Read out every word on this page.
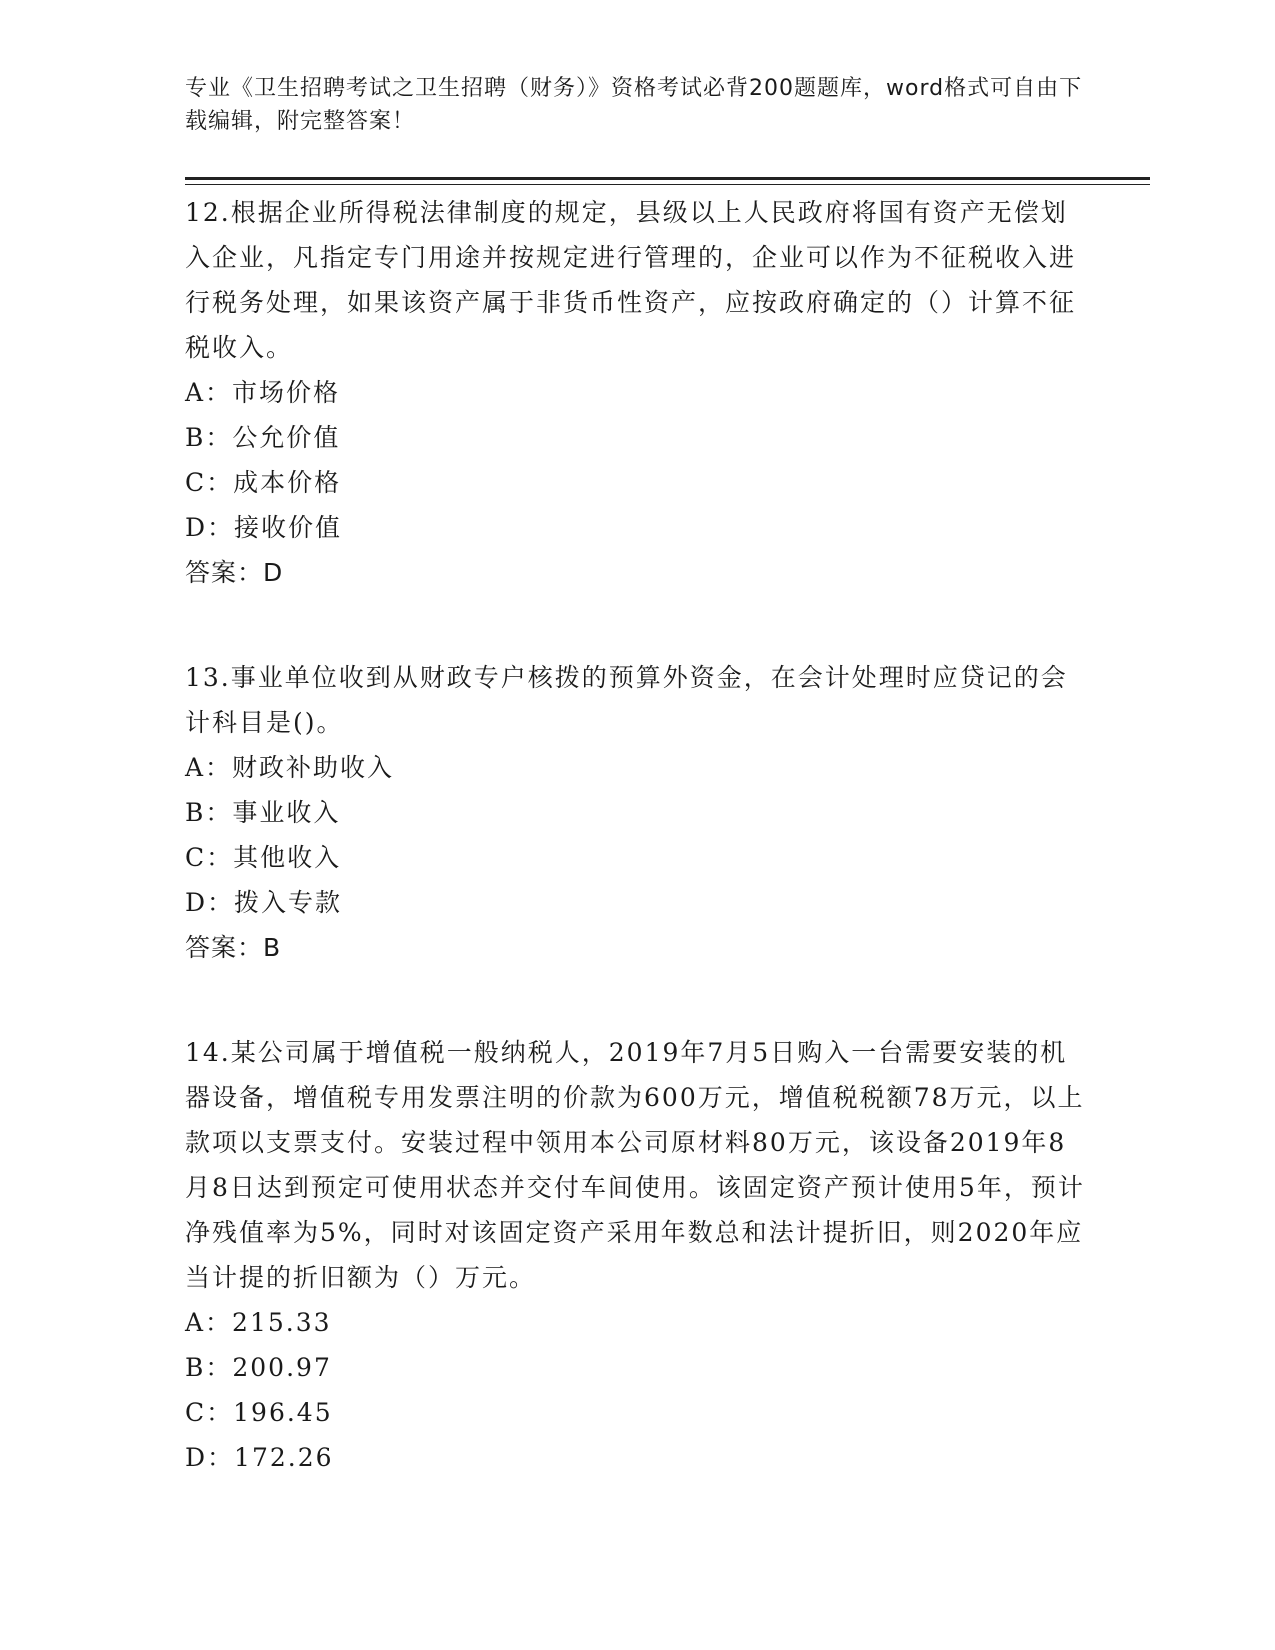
专业《卫生招聘考试之卫生招聘（财务）》资格考试必背200题题库，word格式可自由下载编辑，附完整答案！

12.根据企业所得税法律制度的规定，县级以上人民政府将国有资产无偿划入企业，凡指定专门用途并按规定进行管理的，企业可以作为不征税收入进行税务处理，如果该资产属于非货币性资产，应按政府确定的（）计算不征税收入。

A：市场价格
B：公允价值
C：成本价格
D：接收价值
答案：D

13.事业单位收到从财政专户核拨的预算外资金，在会计处理时应贷记的会计科目是()。

A：财政补助收入
B：事业收入
C：其他收入
D：拨入专款
答案：B

14.某公司属于增值税一般纳税人，2019年7月5日购入一台需要安装的机器设备，增值税专用发票注明的价款为600万元，增值税税额78万元，以上款项以支票支付。安装过程中领用本公司原材料80万元，该设备2019年8月8日达到预定可使用状态并交付车间使用。该固定资产预计使用5年，预计净残值率为5%，同时对该固定资产采用年数总和法计提折旧，则2020年应当计提的折旧额为（）万元。

A：215.33
B：200.97
C：196.45
D：172.26
